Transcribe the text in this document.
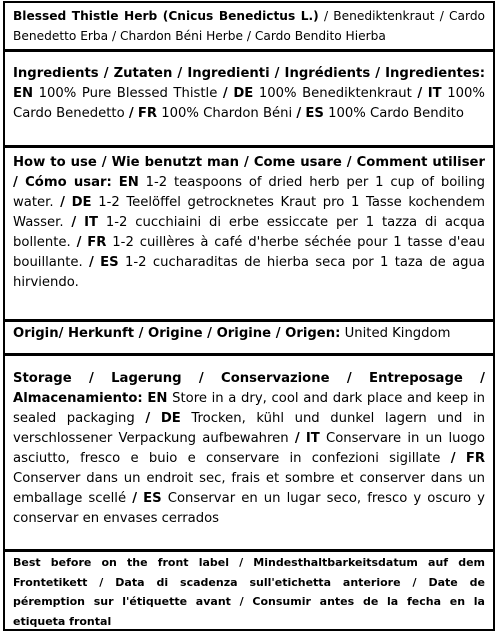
Blessed Thistle Herb (Cnicus Benedictus L.) / Benediktenkraut / Cardo Benedetto Erba / Chardon Béni Herbe / Cardo Bendito Hierba
Ingredients / Zutaten / Ingredienti / Ingrédients / Ingredientes: EN 100% Pure Blessed Thistle / DE 100% Benediktenkraut / IT 100% Cardo Benedetto / FR 100% Chardon Béni / ES 100% Cardo Bendito
How to use / Wie benutzt man / Come usare / Comment utiliser / Cómo usar: EN 1-2 teaspoons of dried herb per 1 cup of boiling water. / DE 1-2 Teelöffel getrocknetes Kraut pro 1 Tasse kochendem Wasser. / IT 1-2 cucchiaini di erbe essiccate per 1 tazza di acqua bollente. / FR 1-2 cuillères à café d'herbe séchée pour 1 tasse d'eau bouillante. / ES 1-2 cucharaditas de hierba seca por 1 taza de agua hirviendo.
Origin/ Herkunft / Origine / Origine / Origen: United Kingdom
Storage / Lagerung / Conservazione / Entreposage / Almacenamiento: EN Store in a dry, cool and dark place and keep in sealed packaging / DE Trocken, kühl und dunkel lagern und in verschlossener Verpackung aufbewahren / IT Conservare in un luogo asciutto, fresco e buio e conservare in confezioni sigillate / FR Conserver dans un endroit sec, frais et sombre et conserver dans un emballage scellé / ES Conservar en un lugar seco, fresco y oscuro y conservar en envases cerrados
Best before on the front label / Mindesthaltbarkeitsdatum auf dem Frontetikett / Data di scadenza sull'etichetta anteriore / Date de péremption sur l'étiquette avant / Consumir antes de la fecha en la etiqueta frontal
